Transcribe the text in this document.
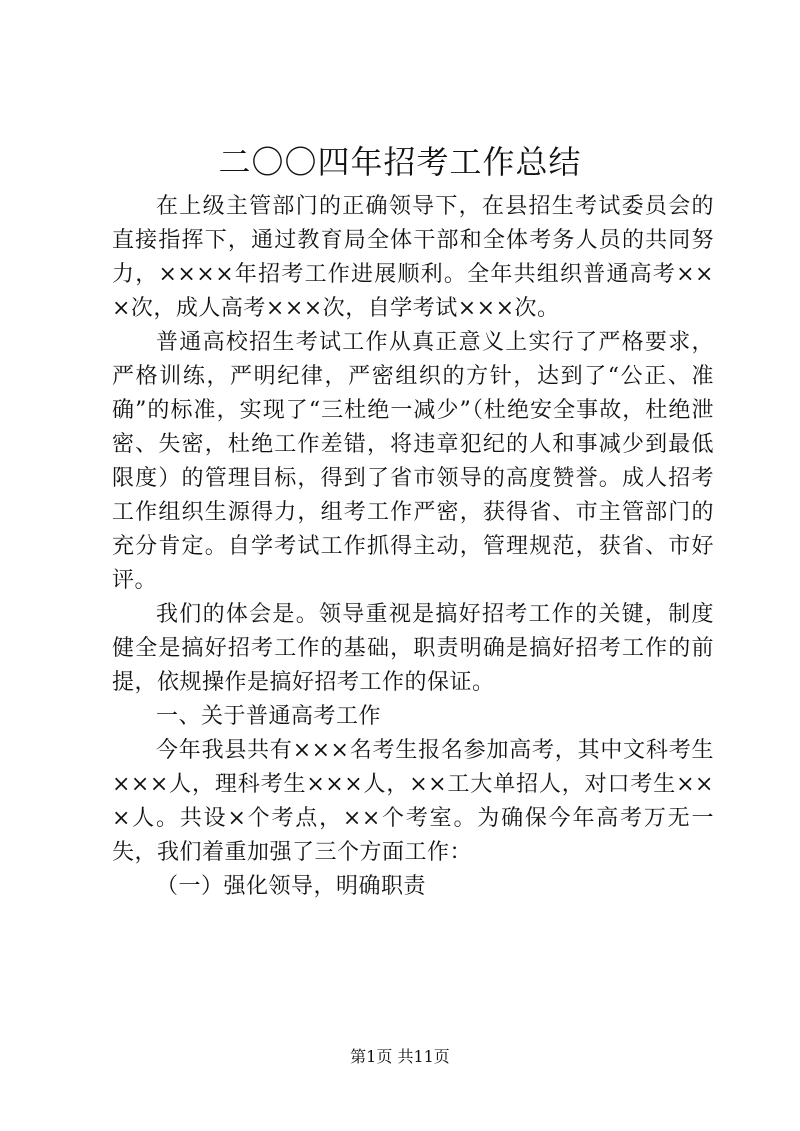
二〇〇四年招考工作总结

在上级主管部门的正确领导下，在县招生考试委员会的直接指挥下，通过教育局全体干部和全体考务人员的共同努力，××××年招考工作进展顺利。全年共组织普通高考×××次，成人高考×××次，自学考试×××次。

普通高校招生考试工作从真正意义上实行了严格要求，严格训练，严明纪律，严密组织的方针，达到了“公正、准确”的标准，实现了“三杜绝一减少”（杜绝安全事故，杜绝泄密、失密，杜绝工作差错，将违章犯纪的人和事减少到最低限度）的管理目标，得到了省市领导的高度赞誉。成人招考工作组织生源得力，组考工作严密，获得省、市主管部门的充分肯定。自学考试工作抓得主动，管理规范，获省、市好评。

我们的体会是。领导重视是搞好招考工作的关键，制度健全是搞好招考工作的基础，职责明确是搞好招考工作的前提，依规操作是搞好招考工作的保证。

一、关于普通高考工作

今年我县共有×××名考生报名参加高考，其中文科考生×××人，理科考生×××人，××工大单招人，对口考生×××人。共设×个考点，××个考室。为确保今年高考万无一失，我们着重加强了三个方面工作：

（一）强化领导，明确职责

第1页 共11页
